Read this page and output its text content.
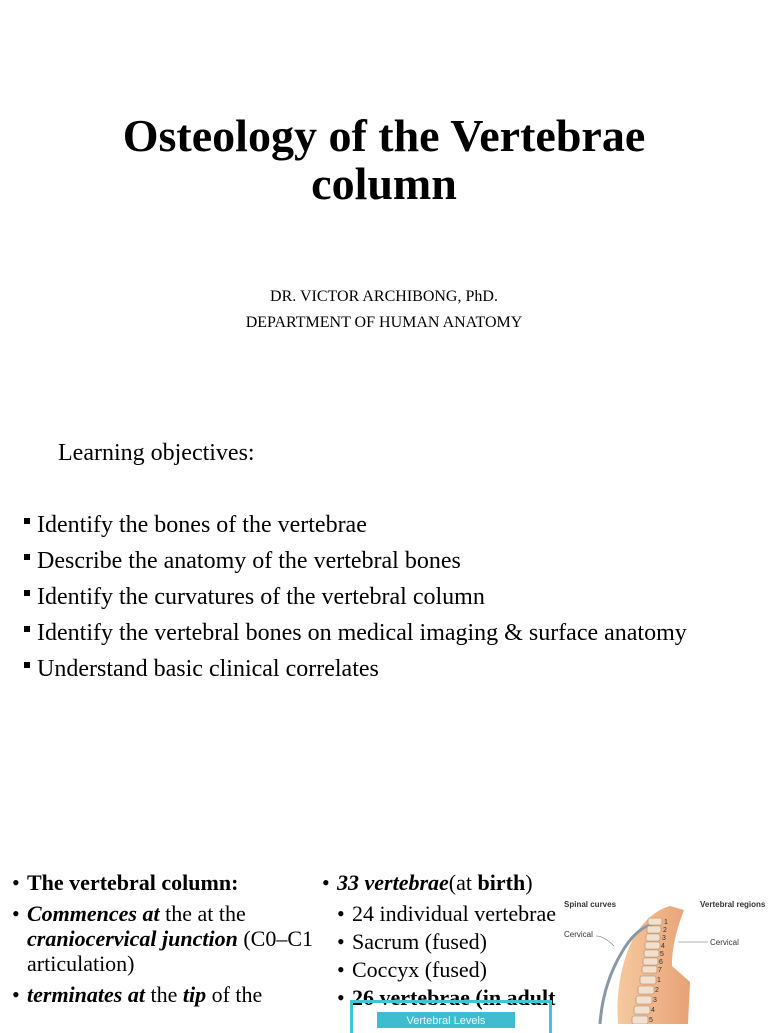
Osteology of the Vertebrae
column
DR. VICTOR ARCHIBONG, PhD.
DEPARTMENT OF HUMAN ANATOMY
Learning objectives:
Identify the bones of the vertebrae
Describe the anatomy of the vertebral bones
Identify the curvatures of the vertebral column
Identify the vertebral bones on medical imaging & surface anatomy
Understand basic clinical correlates
• The vertebral column:
• Commences at the at the craniocervical junction (C0–C1 articulation)
• terminates at the tip of the
• 33 vertebrae(at birth)
• 24 individual vertebrae
• Sacrum (fused)
• Coccyx (fused)
• 26 vertebrae (in adult
Spinal curves	Vertebral regions
Cervical
Cervical
1
2
3
4
5
6
7
1
2
3
4
5
Vertebral Levels
